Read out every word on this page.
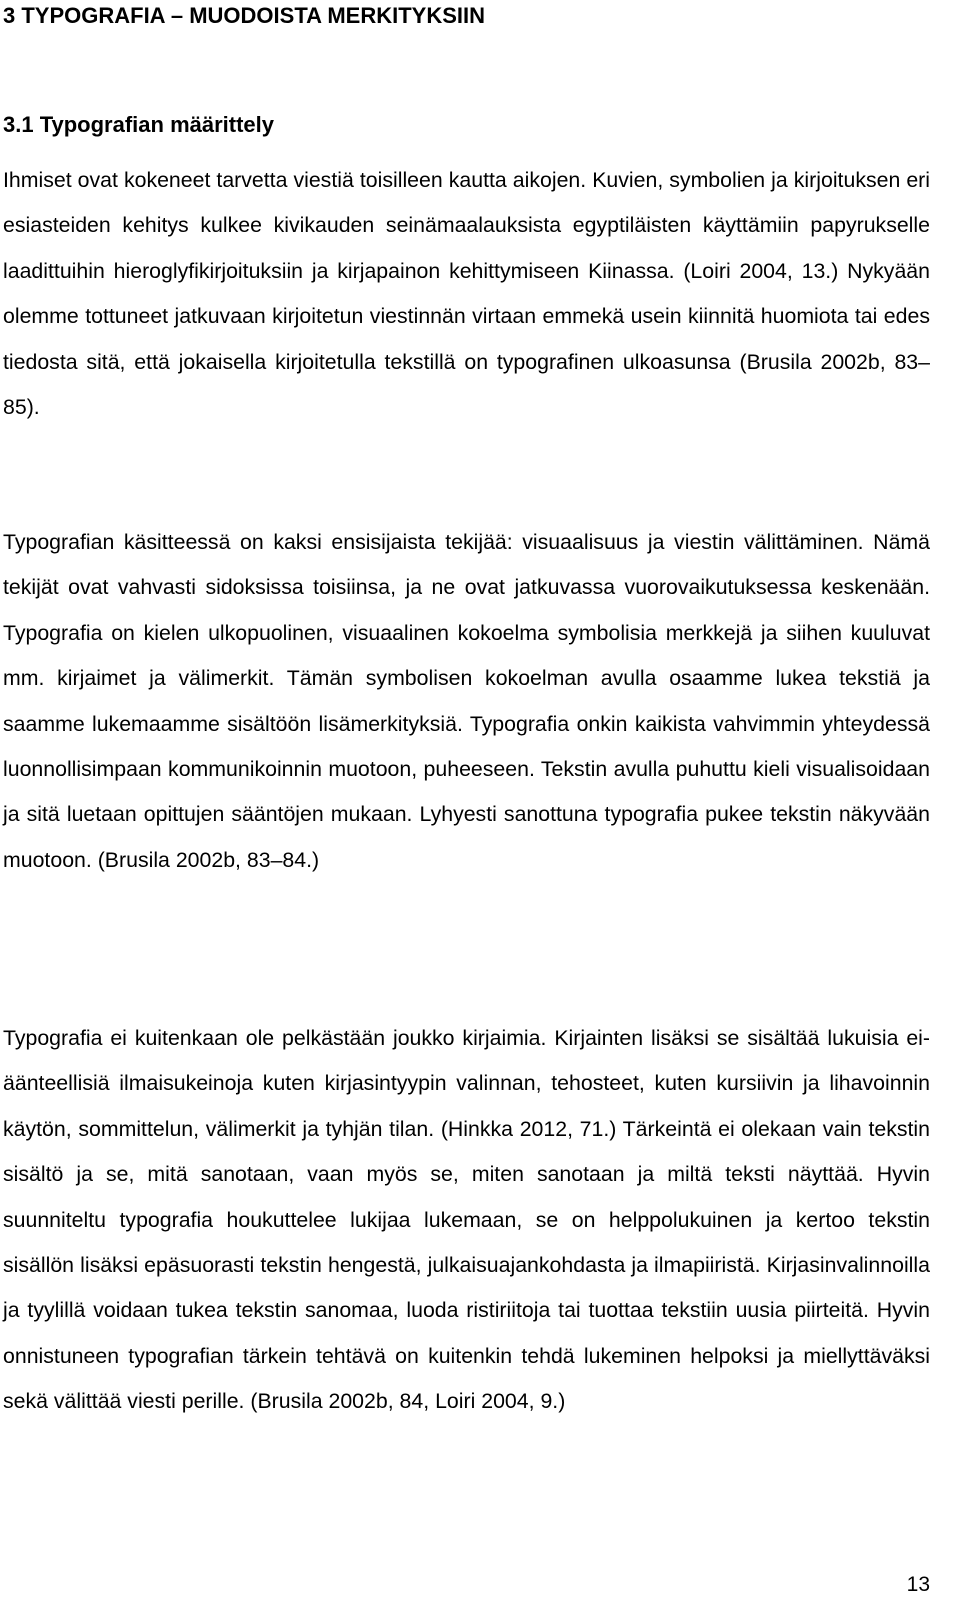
3 TYPOGRAFIA – MUODOISTA MERKITYKSIIN
3.1 Typografian määrittely

Ihmiset ovat kokeneet tarvetta viestiä toisilleen kautta aikojen. Kuvien, symbolien ja kirjoituksen eri esiasteiden kehitys kulkee kivikauden seinämaalauksista egyptiläisten käyttämiin papyrukselle laadittuihin hieroglyfikirjoituksiin ja kirjapainon kehittymiseen Kiinassa. (Loiri 2004, 13.) Nykyään olemme tottuneet jatkuvaan kirjoitetun viestinnän virtaan emmekä usein kiinnitä huomiota tai edes tiedosta sitä, että jokaisella kirjoitetulla tekstillä on typografinen ulkoasunsa (Brusila 2002b, 83–85).

Typografian käsitteessä on kaksi ensisijaista tekijää: visuaalisuus ja viestin välittäminen. Nämä tekijät ovat vahvasti sidoksissa toisiinsa, ja ne ovat jatkuvassa vuorovaikutuksessa keskenään. Typografia on kielen ulkopuolinen, visuaalinen kokoelma symbolisia merkkejä ja siihen kuuluvat mm. kirjaimet ja välimerkit. Tämän symbolisen kokoelman avulla osaamme lukea tekstiä ja saamme lukemaamme sisältöön lisämerkityksiä. Typografia onkin kaikista vahvimmin yhteydessä luonnollisimpaan kommunikoinnin muotoon, puheeseen. Tekstin avulla puhuttu kieli visualisoidaan ja sitä luetaan opittujen sääntöjen mukaan. Lyhyesti sanottuna typografia pukee tekstin näkyvään muotoon. (Brusila 2002b, 83–84.)

Typografia ei kuitenkaan ole pelkästään joukko kirjaimia. Kirjainten lisäksi se sisältää lukuisia ei-äänteellisiä ilmaisukeinoja kuten kirjasintyypin valinnan, tehosteet, kuten kursiivin ja lihavoinnin käytön, sommittelun, välimerkit ja tyhjän tilan. (Hinkka 2012, 71.) Tärkeintä ei olekaan vain tekstin sisältö ja se, mitä sanotaan, vaan myös se, miten sanotaan ja miltä teksti näyttää. Hyvin suunniteltu typografia houkuttelee lukijaa lukemaan, se on helppolukuinen ja kertoo tekstin sisällön lisäksi epäsuorasti tekstin hengestä, julkaisuajankohdasta ja ilmapiiristä. Kirjasinvalinnoilla ja tyylillä voidaan tukea tekstin sanomaa, luoda ristiriitoja tai tuottaa tekstiin uusia piirteitä. Hyvin onnistuneen typografian tärkein tehtävä on kuitenkin tehdä lukeminen helpoksi ja miellyttäväksi sekä välittää viesti perille. (Brusila 2002b, 84, Loiri 2004, 9.)

13
